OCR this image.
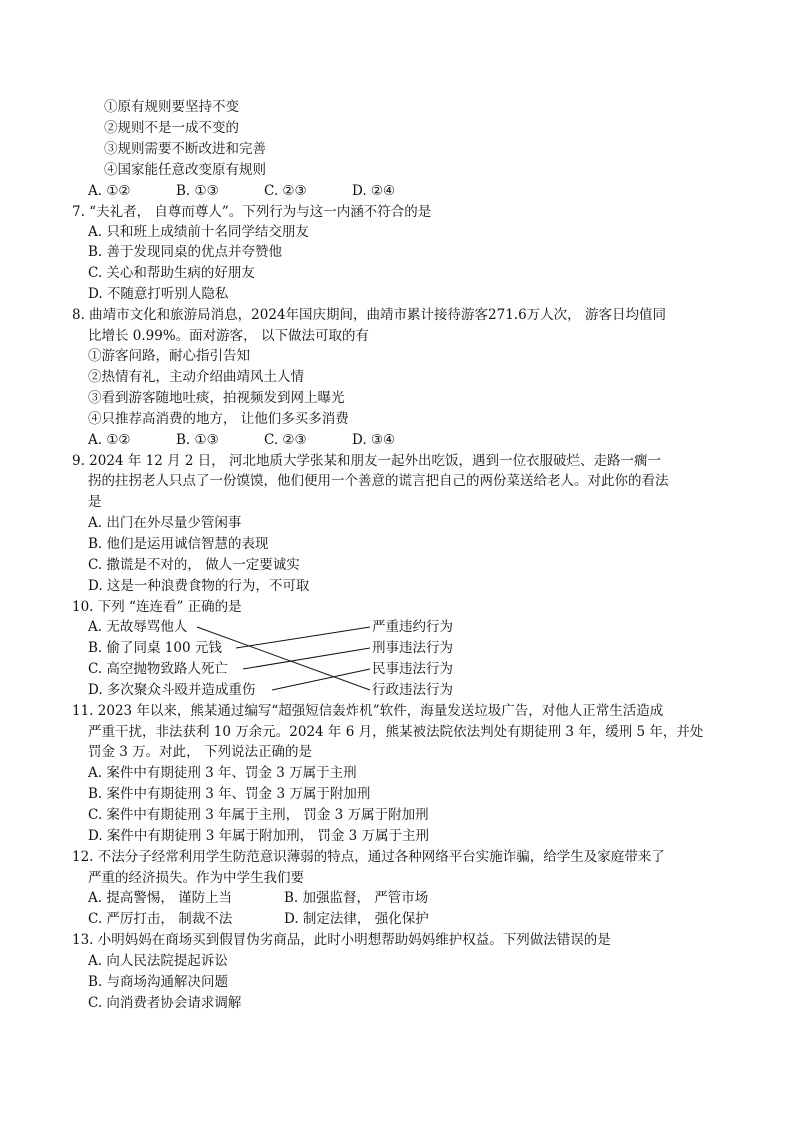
①原有规则要坚持不变
②规则不是一成不变的
③规则需要不断改进和完善
④国家能任意改变原有规则
A. ①②	B. ①③	C. ②③	D. ②④
7. “夫礼者， 自尊而尊人”。下列行为与这一内涵不符合的是
A. 只和班上成绩前十名同学结交朋友
B. 善于发现同桌的优点并夸赞他
C. 关心和帮助生病的好朋友
D. 不随意打听别人隐私
8. 曲靖市文化和旅游局消息，2024年国庆期间，曲靖市累计接待游客271.6万人次， 游客日均值同
比增长 0.99%。面对游客， 以下做法可取的有
①游客问路，耐心指引告知
②热情有礼，主动介绍曲靖风土人情
③看到游客随地吐痰，拍视频发到网上曝光
④只推荐高消费的地方， 让他们多买多消费
A. ①②	B. ①③	C. ②③	D. ③④
9. 2024 年 12 月 2 日， 河北地质大学张某和朋友一起外出吃饭，遇到一位衣服破烂、走路一瘸一
拐的拄拐老人只点了一份馍馍，他们便用一个善意的谎言把自己的两份菜送给老人。对此你的看法
是
A. 出门在外尽量少管闲事
B. 他们是运用诚信智慧的表现
C. 撒谎是不对的， 做人一定要诚实
D. 这是一种浪费食物的行为，不可取
10. 下列 “连连看” 正确的是
A. 无故辱骂他人
B. 偷了同桌 100 元钱
C. 高空抛物致路人死亡
D. 多次聚众斗殴并造成重伤
严重违约行为
刑事违法行为
民事违法行为
行政违法行为
11. 2023 年以来，熊某通过编写“超强短信轰炸机”软件，海量发送垃圾广告，对他人正常生活造成
严重干扰，非法获利 10 万余元。2024 年 6 月，熊某被法院依法判处有期徒刑 3 年，缓刑 5 年，并处
罚金 3 万。对此， 下列说法正确的是
A. 案件中有期徒刑 3 年、罚金 3 万属于主刑
B. 案件中有期徒刑 3 年、罚金 3 万属于附加刑
C. 案件中有期徒刑 3 年属于主刑， 罚金 3 万属于附加刑
D. 案件中有期徒刑 3 年属于附加刑， 罚金 3 万属于主刑
12. 不法分子经常利用学生防范意识薄弱的特点，通过各种网络平台实施诈骗，给学生及家庭带来了
严重的经济损失。作为中学生我们要
A. 提高警惕， 谨防上当	B. 加强监督， 严管市场
C. 严厉打击， 制裁不法	D. 制定法律， 强化保护
13. 小明妈妈在商场买到假冒伪劣商品，此时小明想帮助妈妈维护权益。下列做法错误的是
A. 向人民法院提起诉讼
B. 与商场沟通解决问题
C. 向消费者协会请求调解
